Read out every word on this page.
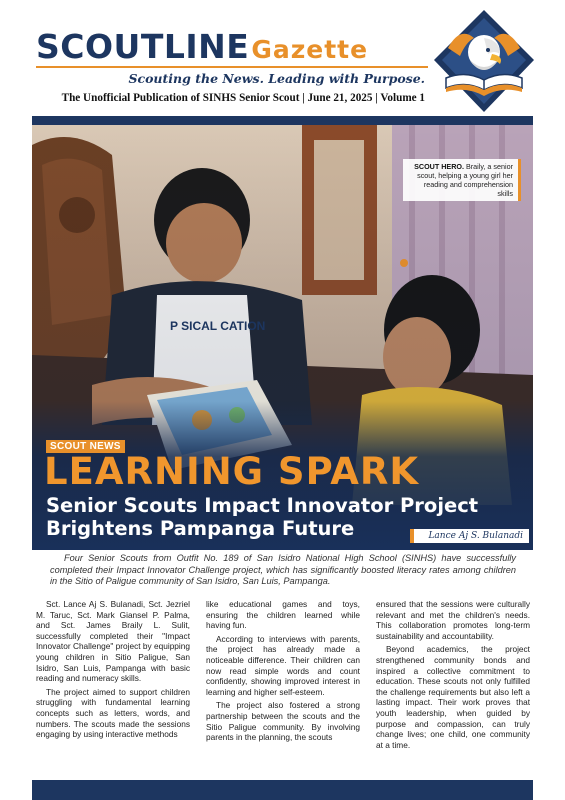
SCOUTLINEGazette
Scouting the News. Leading with Purpose.
The Unofficial Publication of SINHS Senior Scout | June 21, 2025 | Volume 1
SCOUT HERO. Braily, a senior scout, helping a young girl her reading and comprehension skills
SCOUT NEWS
LEARNING SPARK
Senior Scouts Impact Innovator Project
Brightens Pampanga Future	Lance Aj S. Bulanadi

Four Senior Scouts from Outfit No. 189 of San Isidro National High School (SINHS) have successfully completed their Impact Innovator Challenge project, which has significantly boosted literacy rates among children in the Sitio of Paligue community of San Isidro, San Luis, Pampanga.

Sct. Lance Aj S. Bulanadi, Sct. Jezriel M. Taruc, Sct. Mark Giansel P. Palma, and Sct. James Braily L. Sulit, successfully completed their "Impact Innovator Challenge" project by equipping young children in Sitio Paligue, San Isidro, San Luis, Pampanga with basic reading and numeracy skills.

The project aimed to support children struggling with fundamental learning concepts such as letters, words, and numbers. The scouts made the sessions engaging by using interactive methods

like educational games and toys, ensuring the children learned while having fun.

According to interviews with parents, the project has already made a noticeable difference. Their children can now read simple words and count confidently, showing improved interest in learning and higher self-esteem.

The project also fostered a strong partnership between the scouts and the Sitio Paligue community. By involving parents in the planning, the scouts

ensured that the sessions were culturally relevant and met the children's needs. This collaboration promotes long-term sustainability and accountability.

Beyond academics, the project strengthened community bonds and inspired a collective commitment to education. These scouts not only fulfilled the challenge requirements but also left a lasting impact. Their work proves that youth leadership, when guided by purpose and compassion, can truly change lives; one child, one community at a time.
